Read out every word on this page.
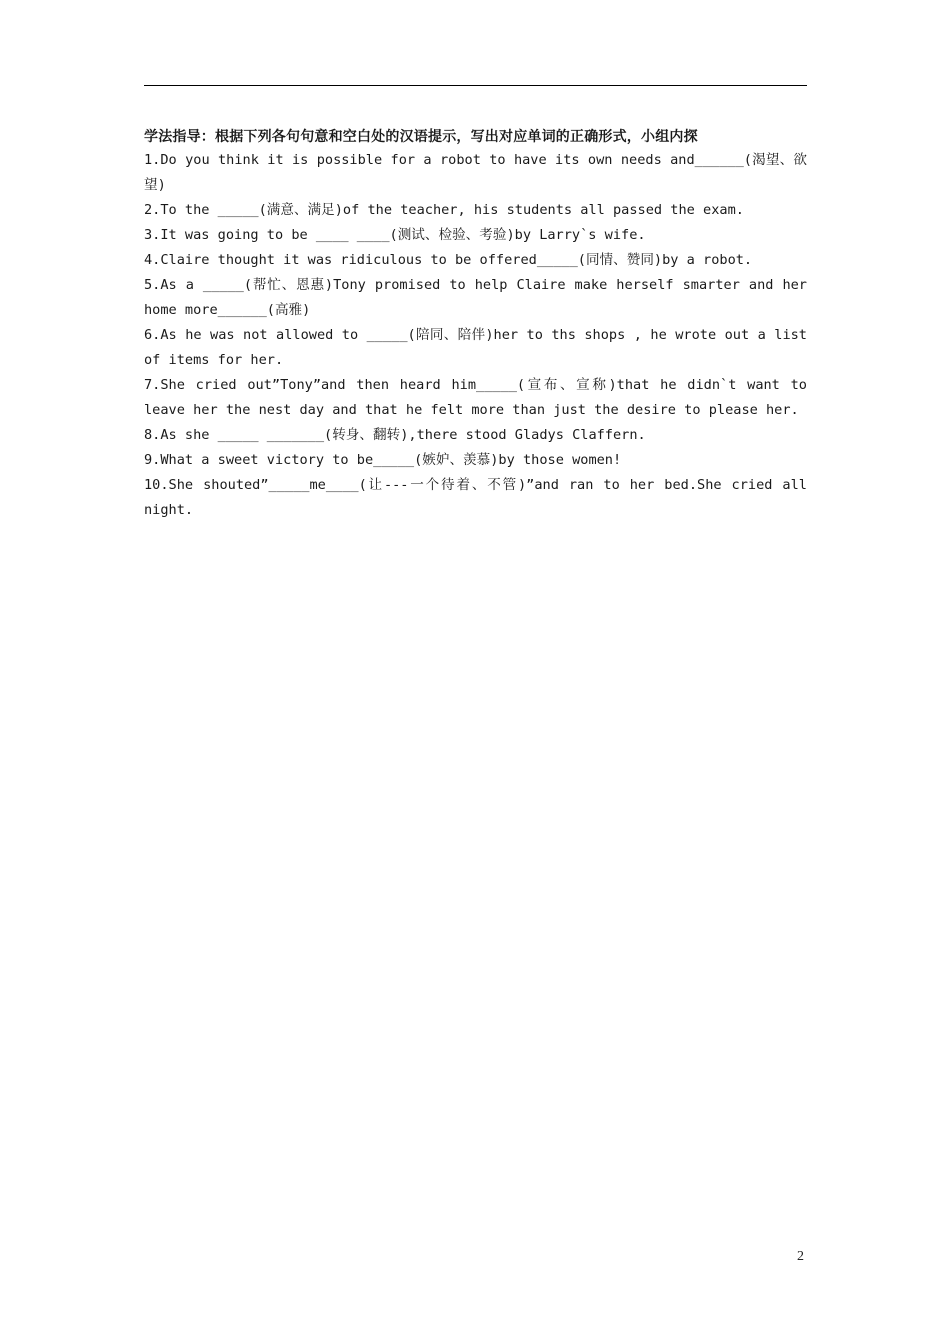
学法指导：根据下列各句句意和空白处的汉语提示，写出对应单词的正确形式，小组内探
1.Do you think it is possible for a robot to have its own needs and______(渴望、欲望)
2.To the _____(满意、满足)of the teacher, his students all passed the exam.
3.It was going to be ____ ____(测试、检验、考验)by Larry`s wife.
4.Claire thought it was ridiculous to be offered_____(同情、赞同)by a robot.
5.As a _____(帮忙、恩惠)Tony promised to help Claire make herself smarter and her home more______(高雅)
6.As he was not allowed to _____(陪同、陪伴)her to ths shops , he wrote out a list of items for her.
7.She cried out”Tony”and then heard him_____(宣布、宣称)that he didn`t want to leave her the nest day and that he felt more than just the desire to please her.
8.As she _____ _______(转身、翻转),there stood Gladys Claffern.
9.What a sweet victory to be_____(嫉妒、羡慕)by those women!
10.She shouted”_____me____(让---一个待着、不管)”and ran to her bed.She cried all night.
2
